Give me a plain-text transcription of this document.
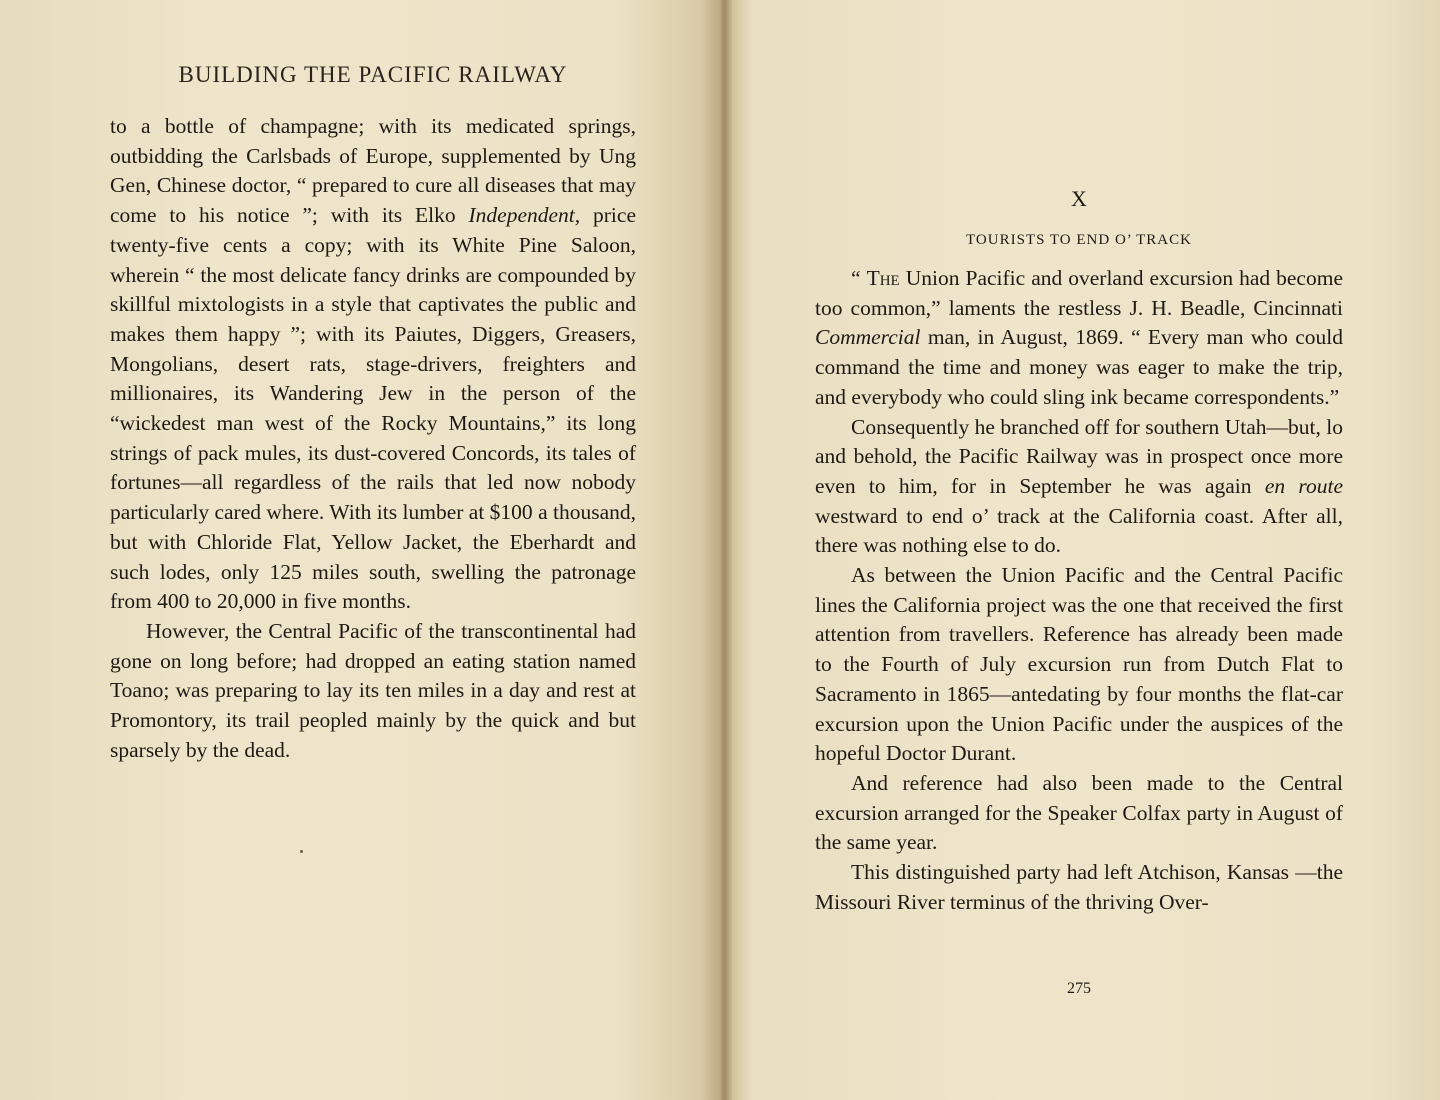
BUILDING THE PACIFIC RAILWAY

to a bottle of champagne; with its medicated springs, outbidding the Carlsbads of Europe, supplemented by Ung Gen, Chinese doctor, “ prepared to cure all diseases that may come to his notice ”; with its Elko Independent, price twenty-five cents a copy; with its White Pine Saloon, wherein “ the most delicate fancy drinks are compounded by skillful mixtologists in a style that captivates the public and makes them happy ”; with its Paiutes, Diggers, Greasers, Mongolians, desert rats, stage-drivers, freighters and millionaires, its Wandering Jew in the person of the “wickedest man west of the Rocky Mountains,” its long strings of pack mules, its dust-covered Concords, its tales of fortunes—all regardless of the rails that led now nobody particularly cared where. With its lumber at $100 a thousand, but with Chloride Flat, Yellow Jacket, the Eberhardt and such lodes, only 125 miles south, swelling the patronage from 400 to 20,000 in five months.

However, the Central Pacific of the transcontinental had gone on long before; had dropped an eating station named Toano; was preparing to lay its ten miles in a day and rest at Promontory, its trail peopled mainly by the quick and but sparsely by the dead.

X
TOURISTS TO END O’ TRACK

“ The Union Pacific and overland excursion had become too common,” laments the restless J. H. Beadle, Cincinnati Commercial man, in August, 1869. “ Every man who could command the time and money was eager to make the trip, and everybody who could sling ink became correspondents.”

Consequently he branched off for southern Utah—but, lo and behold, the Pacific Railway was in prospect once more even to him, for in September he was again en route westward to end o’ track at the California coast. After all, there was nothing else to do.

As between the Union Pacific and the Central Pacific lines the California project was the one that received the first attention from travellers. Reference has already been made to the Fourth of July excursion run from Dutch Flat to Sacramento in 1865—antedating by four months the flat-car excursion upon the Union Pacific under the auspices of the hopeful Doctor Durant.

And reference had also been made to the Central excursion arranged for the Speaker Colfax party in August of the same year.

This distinguished party had left Atchison, Kansas —the Missouri River terminus of the thriving Over-

275
